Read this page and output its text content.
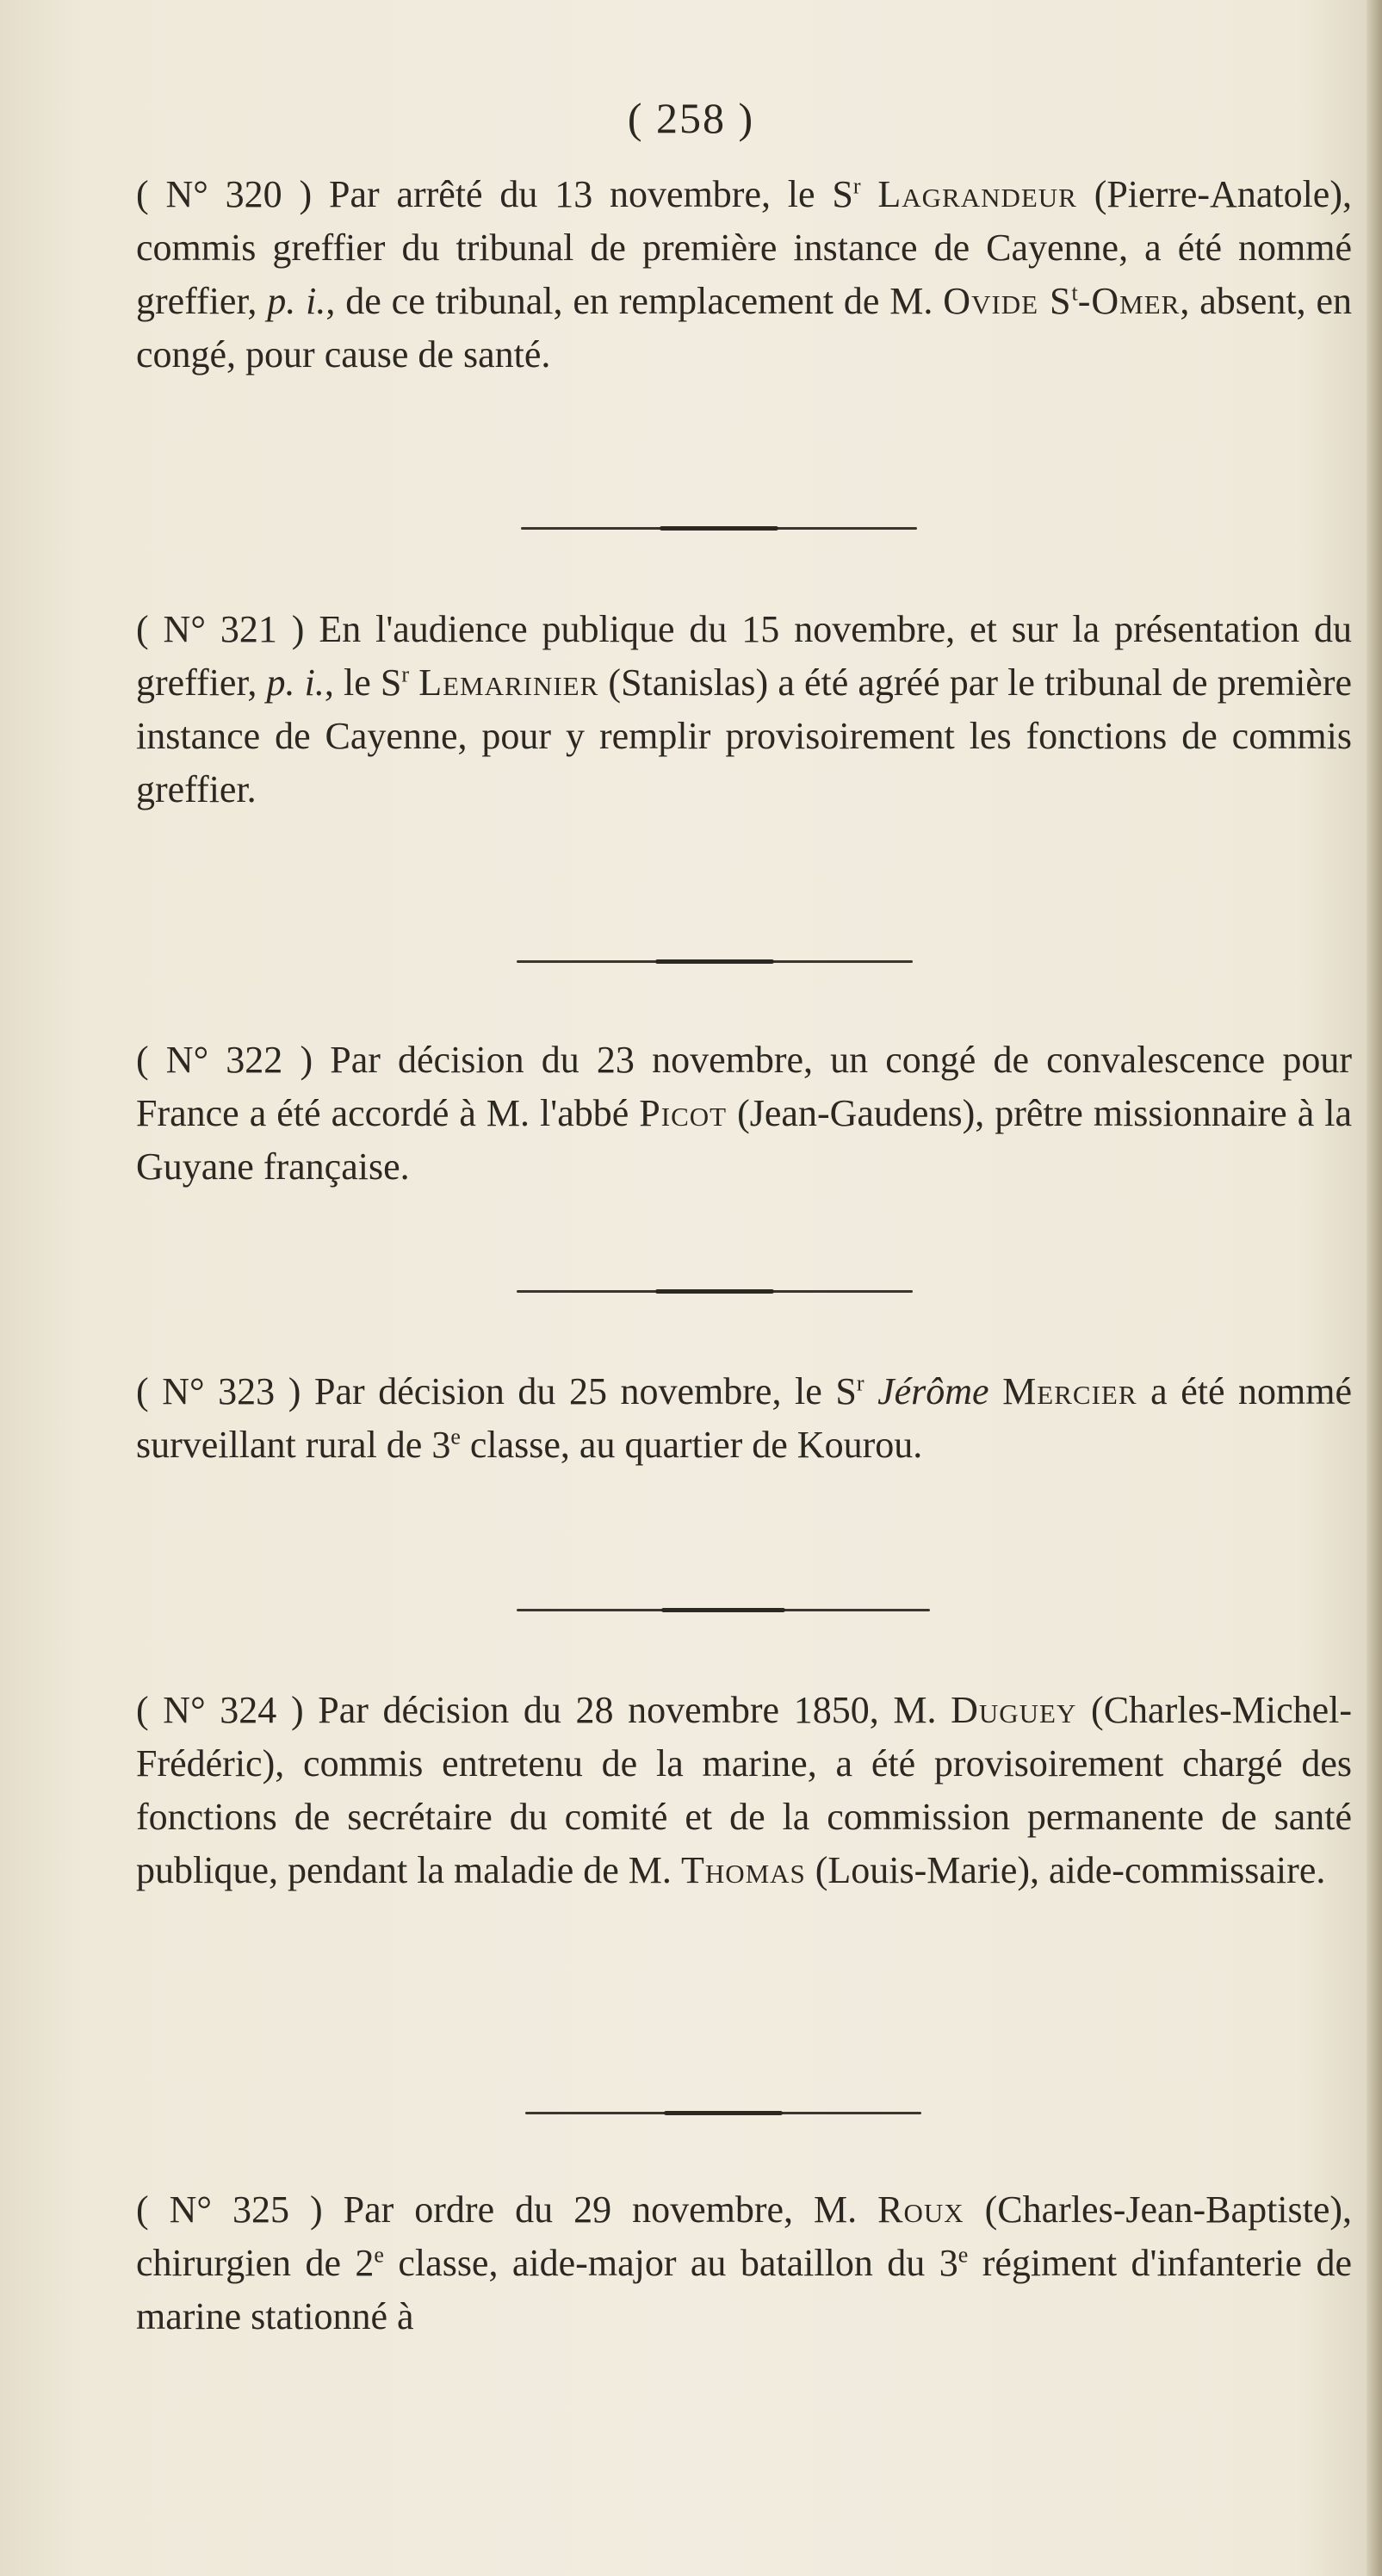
( 258 )

( N° 320 ) Par arrêté du 13 novembre, le $S^r$ Lagrandeur (Pierre-Anatole), commis greffier du tribunal de première instance de Cayenne, a été nommé greffier, p. i., de ce tribunal, en remplacement de M. Ovide $S^t$-Omer, absent, en congé, pour cause de santé.

( N° 321 ) En l'audience publique du 15 novembre, et sur la présentation du greffier, p. i., le $S^r$ Lemarinier (Stanislas) a été agréé par le tribunal de première instance de Cayenne, pour y remplir provisoirement les fonctions de commis greffier.

( N° 322 ) Par décision du 23 novembre, un congé de convalescence pour France a été accordé à M. l'abbé Picot (Jean-Gaudens), prêtre missionnaire à la Guyane française.

( N° 323 ) Par décision du 25 novembre, le $S^r$ Jérôme Mercier a été nommé surveillant rural de 3e classe, au quartier de Kourou.

( N° 324 ) Par décision du 28 novembre 1850, M. Duguey (Charles-Michel-Frédéric), commis entretenu de la marine, a été provisoirement chargé des fonctions de secrétaire du comité et de la commission permanente de santé publique, pendant la maladie de M. Thomas (Louis-Marie), aide-commissaire.

( N° 325 ) Par ordre du 29 novembre, M. Roux (Charles-Jean-Baptiste), chirurgien de 2e classe, aide-major au bataillon du 3e régiment d'infanterie de marine stationné à
